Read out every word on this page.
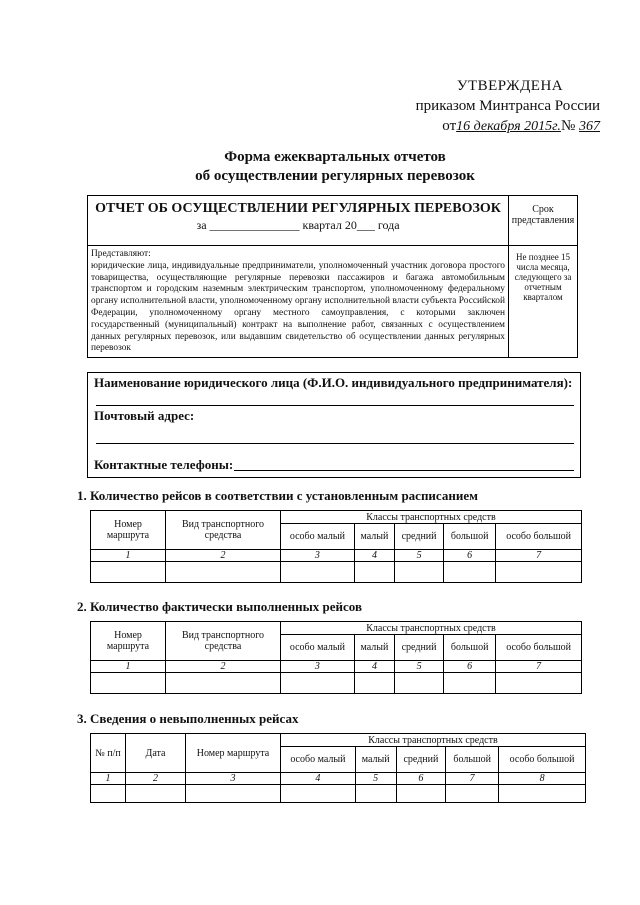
УТВЕРЖДЕНА
приказом Минтранса России
от16 декабря 2015г.№ 367
Форма ежеквартальных отчетов
об осуществлении регулярных перевозок
ОТЧЕТ ОБ ОСУЩЕСТВЛЕНИИ РЕГУЛЯРНЫХ ПЕРЕВОЗОК
за _______________ квартал 20___ года	Срок представления
Представляют:
юридические лица, индивидуальные предприниматели, уполномоченный участник договора простого товарищества, осуществляющие регулярные перевозки пассажиров и багажа автомобильным транспортом и городским наземным электрическим транспортом, уполномоченному федеральному органу исполнительной власти, уполномоченному органу исполнительной власти субъекта Российской Федерации, уполномоченному органу местного самоуправления, с которыми заключен государственный (муниципальный) контракт на выполнение работ, связанных с осуществлением данных регулярных перевозок, или выдавшим свидетельство об осуществлении данных регулярных перевозок	Не позднее 15 числа месяца, следующего за отчетным кварталом
Наименование юридического лица (Ф.И.О. индивидуального предпринимателя):
Почтовый адрес:
Контактные телефоны:
1. Количество рейсов в соответствии с установленным расписанием
Номер маршрута	Вид транспортного средства	Классы транспортных средств				
		особо малый	малый	средний	большой	особо большой
1	2	3	4	5	6	7

2. Количество фактически выполненных рейсов
Номер маршрута	Вид транспортного средства	Классы транспортных средств				
		особо малый	малый	средний	большой	особо большой
1	2	3	4	5	6	7

3. Сведения о невыполненных рейсах
№ п/п	Дата	Номер маршрута	Классы транспортных средств				
			особо малый	малый	средний	большой	особо большой
1	2	3	4	5	6	7	8
